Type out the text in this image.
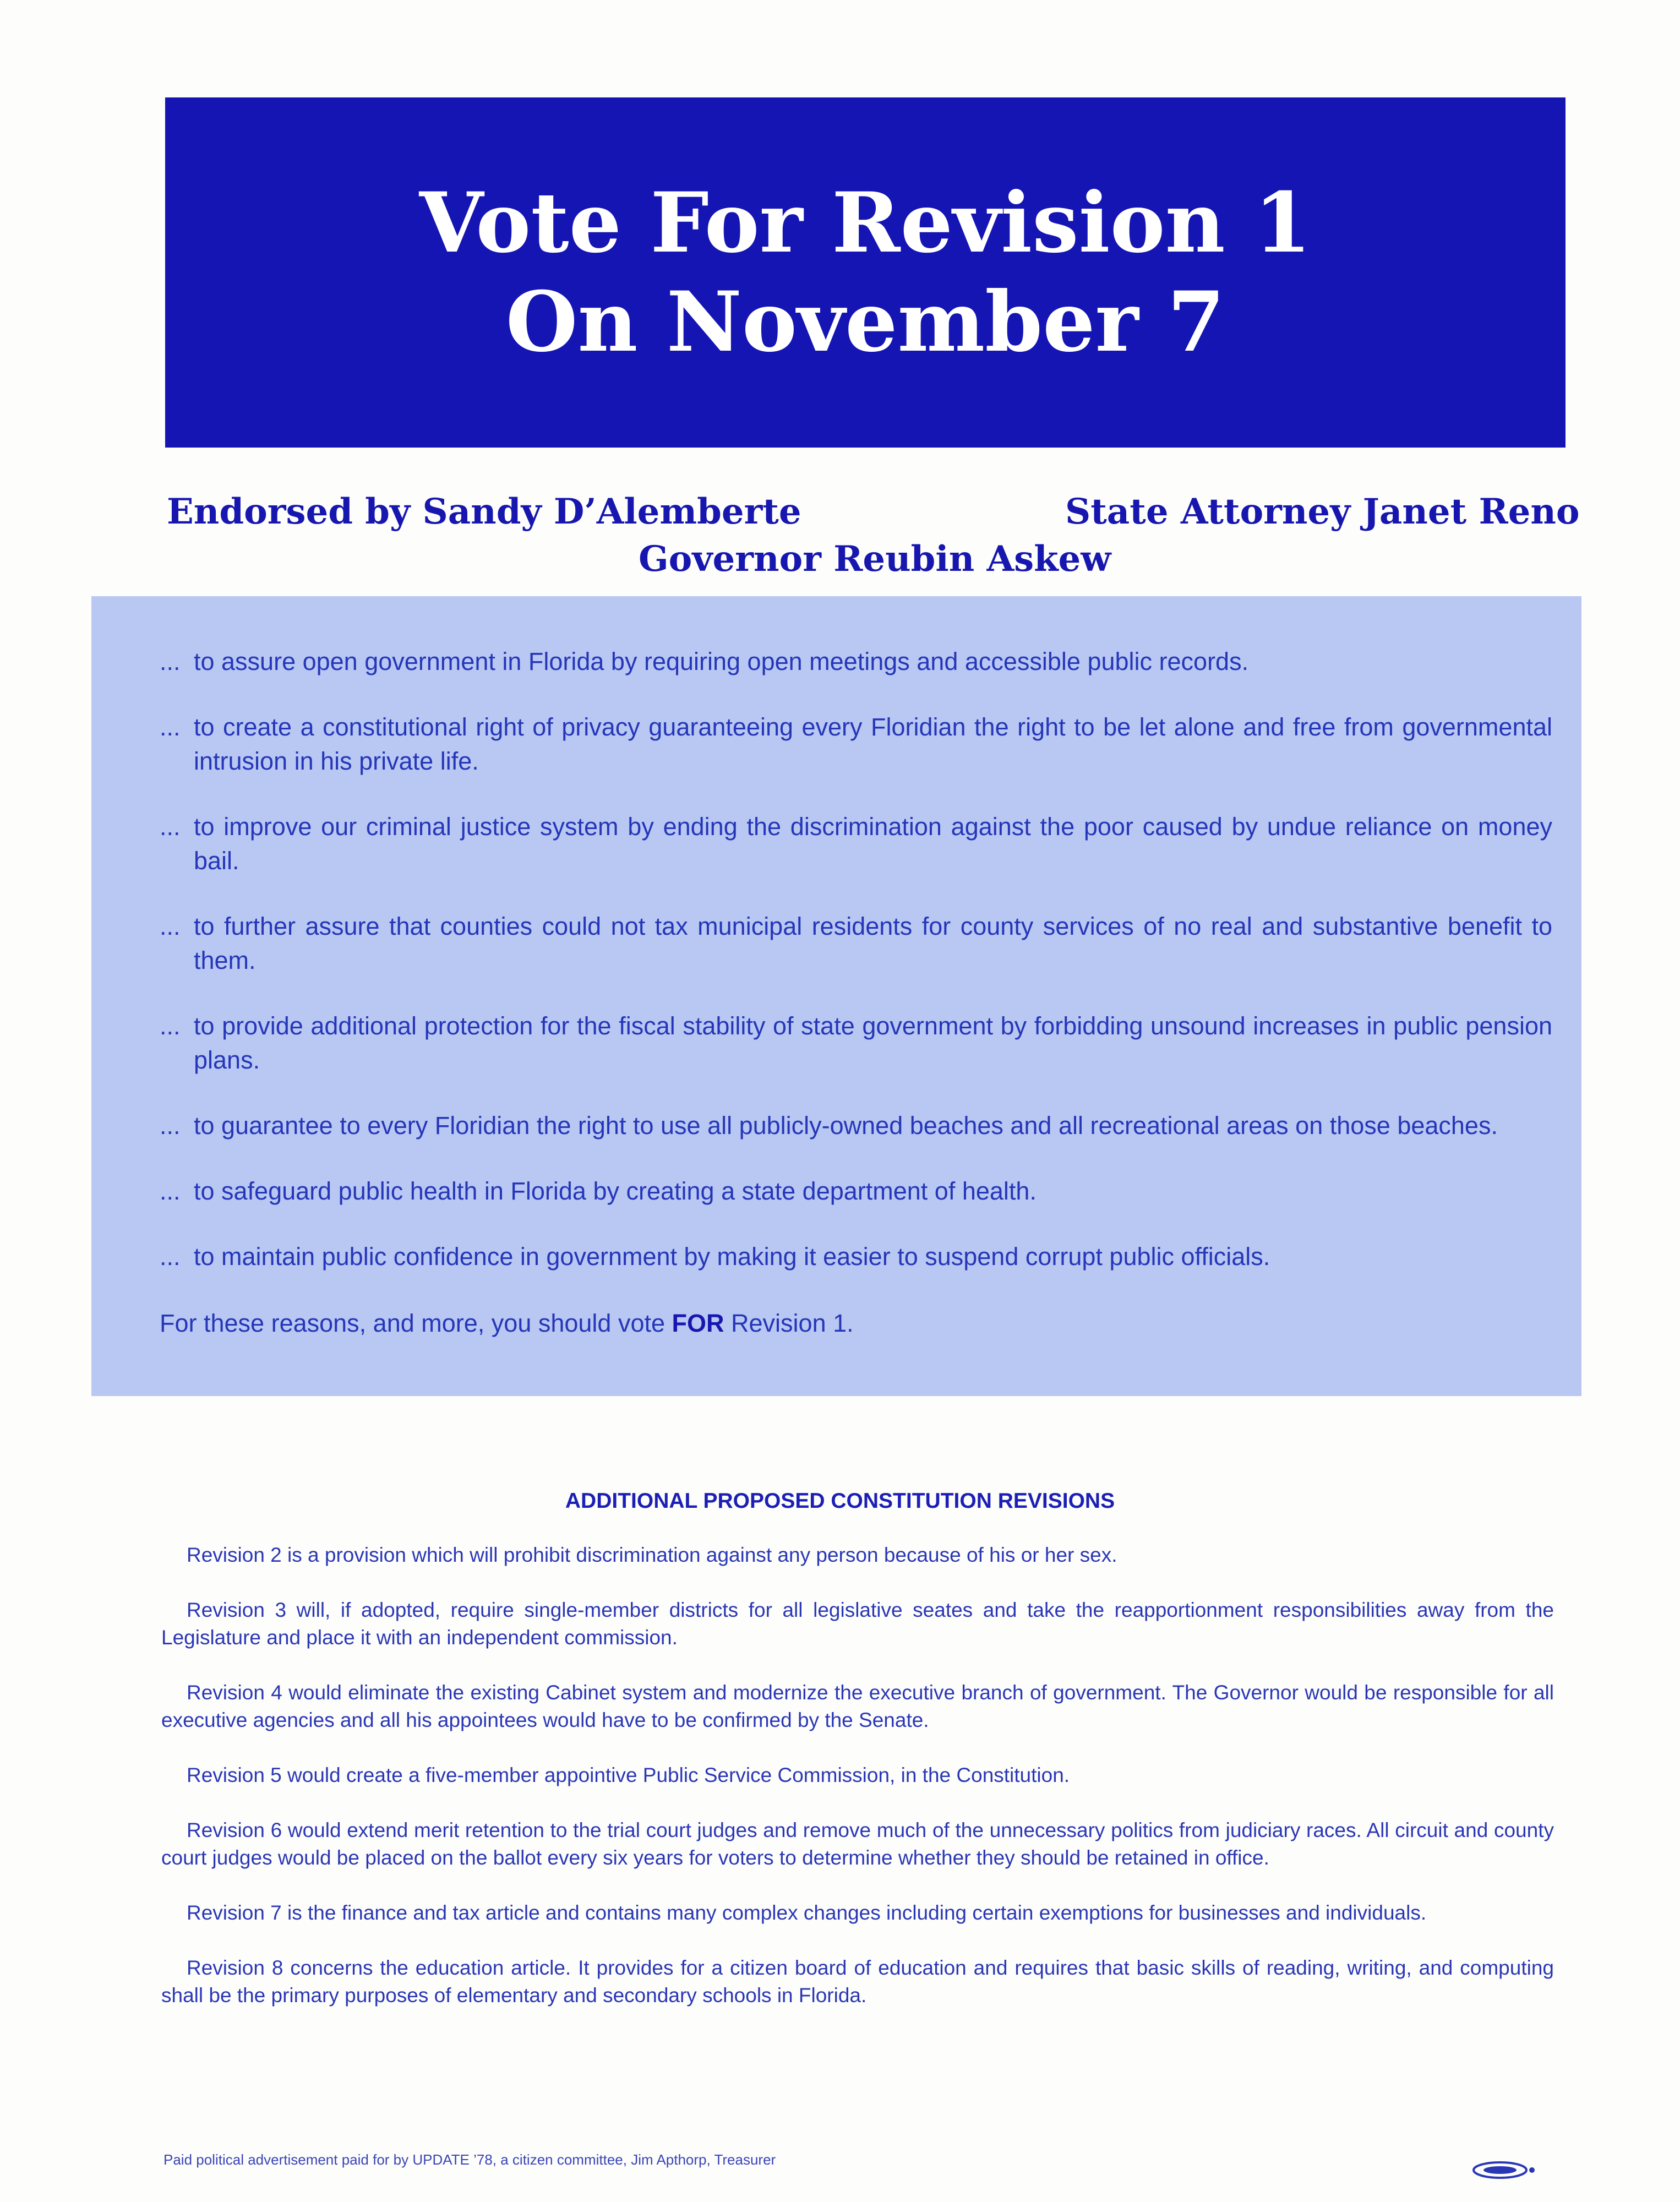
Vote For Revision 1
On November 7
Endorsed by Sandy D’Alemberte	State Attorney Janet Reno
Governor Reubin Askew
... to assure open government in Florida by requiring open meetings and accessible public records.
... to create a constitutional right of privacy guaranteeing every Floridian the right to be let alone and free from governmental intrusion in his private life.
... to improve our criminal justice system by ending the discrimination against the poor caused by undue reliance on money bail.
... to further assure that counties could not tax municipal residents for county services of no real and substantive benefit to them.
... to provide additional protection for the fiscal stability of state government by forbidding unsound increases in public pension plans.
... to guarantee to every Floridian the right to use all publicly-owned beaches and all recreational areas on those beaches.
... to safeguard public health in Florida by creating a state department of health.
... to maintain public confidence in government by making it easier to suspend corrupt public officials.
For these reasons, and more, you should vote FOR Revision 1.
ADDITIONAL PROPOSED CONSTITUTION REVISIONS

Revision 2 is a provision which will prohibit discrimination against any person because of his or her sex.

Revision 3 will, if adopted, require single-member districts for all legislative seates and take the reapportionment responsibilities away from the Legislature and place it with an independent commission.

Revision 4 would eliminate the existing Cabinet system and modernize the executive branch of government. The Governor would be responsible for all executive agencies and all his appointees would have to be confirmed by the Senate.

Revision 5 would create a five-member appointive Public Service Commission, in the Constitution.

Revision 6 would extend merit retention to the trial court judges and remove much of the unnecessary politics from judiciary races. All circuit and county court judges would be placed on the ballot every six years for voters to determine whether they should be retained in office.

Revision 7 is the finance and tax article and contains many complex changes including certain exemptions for businesses and individuals.

Revision 8 concerns the education article. It provides for a citizen board of education and requires that basic skills of reading, writing, and computing shall be the primary purposes of elementary and secondary schools in Florida.

Paid political advertisement paid for by UPDATE ’78, a citizen committee, Jim Apthorp, Treasurer
